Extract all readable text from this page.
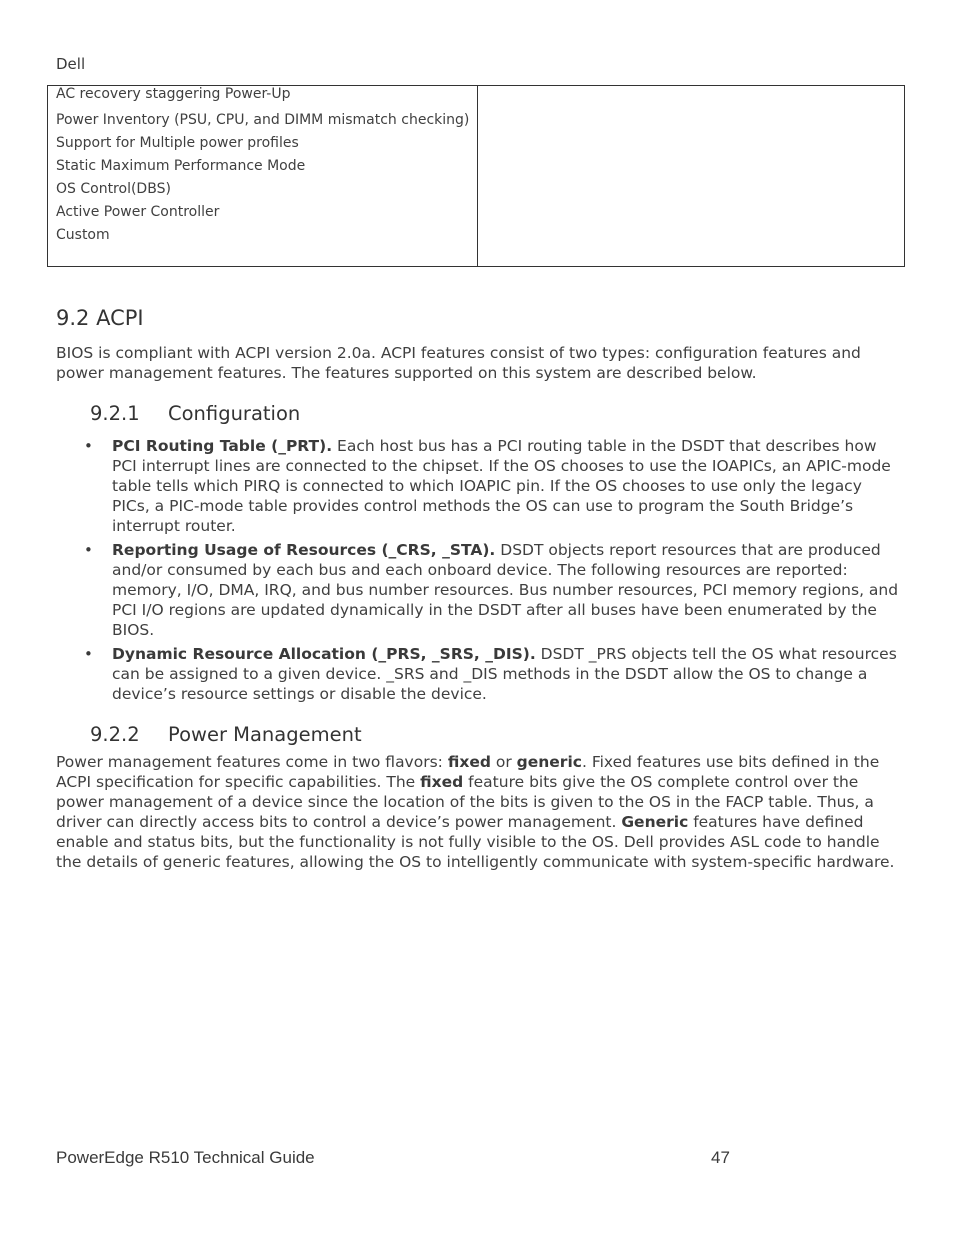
Dell
AC recovery staggering Power-Up
Power Inventory (PSU, CPU, and DIMM mismatch checking)
Support for Multiple power profiles
Static Maximum Performance Mode
OS Control(DBS)
Active Power Controller
Custom
9.2 ACPI

BIOS is compliant with ACPI version 2.0a. ACPI features consist of two types: configuration features and power management features. The features supported on this system are described below.

9.2.1 Configuration
•	PCI Routing Table (_PRT). Each host bus has a PCI routing table in the DSDT that describes how PCI interrupt lines are connected to the chipset. If the OS chooses to use the IOAPICs, an APIC-mode table tells which PIRQ is connected to which IOAPIC pin. If the OS chooses to use only the legacy PICs, a PIC-mode table provides control methods the OS can use to program the South Bridge’s interrupt router.
•	Reporting Usage of Resources (_CRS, _STA). DSDT objects report resources that are produced and/or consumed by each bus and each onboard device. The following resources are reported: memory, I/O, DMA, IRQ, and bus number resources. Bus number resources, PCI memory regions, and PCI I/O regions are updated dynamically in the DSDT after all buses have been enumerated by the BIOS.
•	Dynamic Resource Allocation (_PRS, _SRS, _DIS). DSDT _PRS objects tell the OS what resources can be assigned to a given device. _SRS and _DIS methods in the DSDT allow the OS to change a device’s resource settings or disable the device.
9.2.2 Power Management

Power management features come in two flavors: fixed or generic. Fixed features use bits defined in the ACPI specification for specific capabilities. The fixed feature bits give the OS complete control over the power management of a device since the location of the bits is given to the OS in the FACP table. Thus, a driver can directly access bits to control a device’s power management. Generic features have defined enable and status bits, but the functionality is not fully visible to the OS. Dell provides ASL code to handle the details of generic features, allowing the OS to intelligently communicate with system-specific hardware.

PowerEdge R510 Technical Guide	47
